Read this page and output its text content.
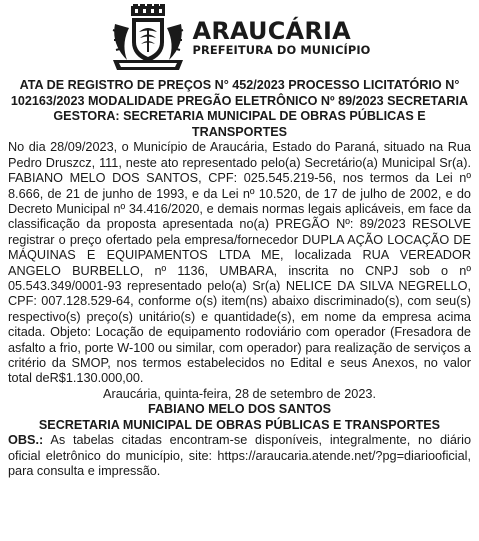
ARAUCÁRIA
PREFEITURA DO MUNICÍPIO
ATA DE REGISTRO DE PREÇOS N° 452/2023 PROCESSO LICITATÓRIO N° 102163/2023 MODALIDADE PREGÃO ELETRÔNICO Nº 89/2023 SECRETARIA GESTORA: SECRETARIA MUNICIPAL DE OBRAS PÚBLICAS E TRANSPORTES

No dia 28/09/2023, o Município de Araucária, Estado do Paraná, situado na Rua Pedro Druszcz, 111, neste ato representado pelo(a) Secretário(a) Municipal Sr(a). FABIANO MELO DOS SANTOS, CPF: 025.545.219-56, nos termos da Lei nº 8.666, de 21 de junho de 1993, e da Lei nº 10.520, de 17 de julho de 2002, e do Decreto Municipal nº 34.416/2020, e demais normas legais aplicáveis, em face da classificação da proposta apresentada no(a) PREGÃO Nº: 89/2023 RESOLVE registrar o preço ofertado pela empresa/fornecedor DUPLA AÇÃO LOCAÇÃO DE MÁQUINAS E EQUIPAMENTOS LTDA ME, localizada RUA VEREADOR ANGELO BURBELLO, nº 1136, UMBARA, inscrita no CNPJ sob o nº 05.543.349/0001-93 representado pelo(a) Sr(a) NELICE DA SILVA NEGRELLO, CPF: 007.128.529-64, conforme o(s) item(ns) abaixo discriminado(s), com seu(s) respectivo(s) preço(s) unitário(s) e quantidade(s), em nome da empresa acima citada. Objeto: Locação de equipamento rodoviário com operador (Fresadora de asfalto a frio, porte W-100 ou similar, com operador) para realização de serviços a critério da SMOP, nos termos estabelecidos no Edital e seus Anexos, no valor total deR$1.130.000,00.

Araucária, quinta-feira, 28 de setembro de 2023.
FABIANO MELO DOS SANTOS
SECRETARIA MUNICIPAL DE OBRAS PÚBLICAS E TRANSPORTES

OBS.: As tabelas citadas encontram-se disponíveis, integralmente, no diário oficial eletrônico do município, site: https://araucaria.atende.net/?pg=diariooficial, para consulta e impressão.
